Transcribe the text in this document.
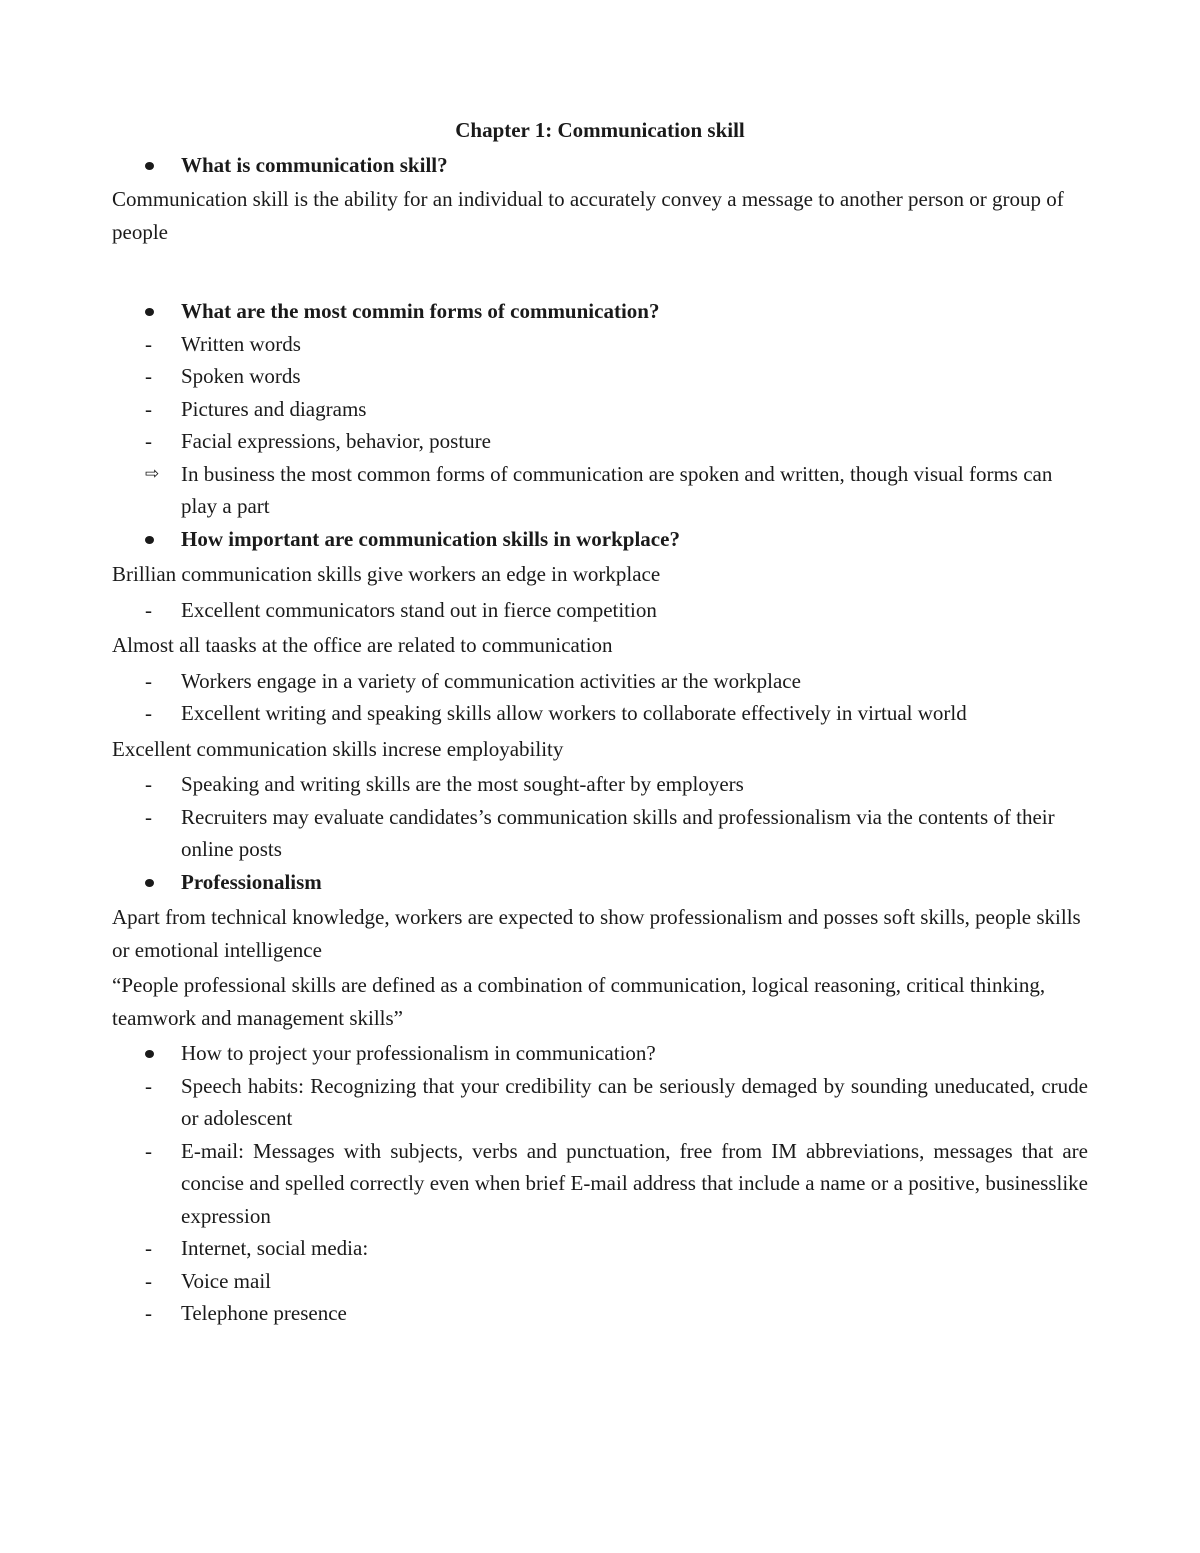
Chapter 1: Communication skill
What is communication skill?
Communication skill is the ability for an individual to accurately convey a message to another person or group of people
What are the most commin forms of communication?
- Written words
- Spoken words
- Pictures and diagrams
- Facial expressions, behavior, posture
⇨ In business the most common forms of communication are spoken and written, though visual forms can play a part
How important are communication skills in workplace?
Brillian communication skills give workers an edge in workplace
- Excellent communicators stand out in fierce competition
Almost all taasks at the office are related to communication
- Workers engage in a variety of communication activities ar the workplace
- Excellent writing and speaking skills allow workers to collaborate effectively in virtual world
Excellent communication skills increse employability
- Speaking and writing skills are the most sought-after by employers
- Recruiters may evaluate candidates’s communication skills and professionalism via the contents of their online posts
Professionalism
Apart from technical knowledge, workers are expected to show professionalism and posses soft skills, people skills or emotional intelligence
“People professional skills are defined as a combination of communication, logical reasoning, critical thinking, teamwork and management skills”
How to project your professionalism in communication?
- Speech habits: Recognizing that your credibility can be seriously demaged by sounding uneducated, crude or adolescent
- E-mail: Messages with subjects, verbs and punctuation, free from IM abbreviations, messages that are concise and spelled correctly even when brief E-mail address that include a name or a positive, businesslike expression
- Internet, social media:
- Voice mail
- Telephone presence
